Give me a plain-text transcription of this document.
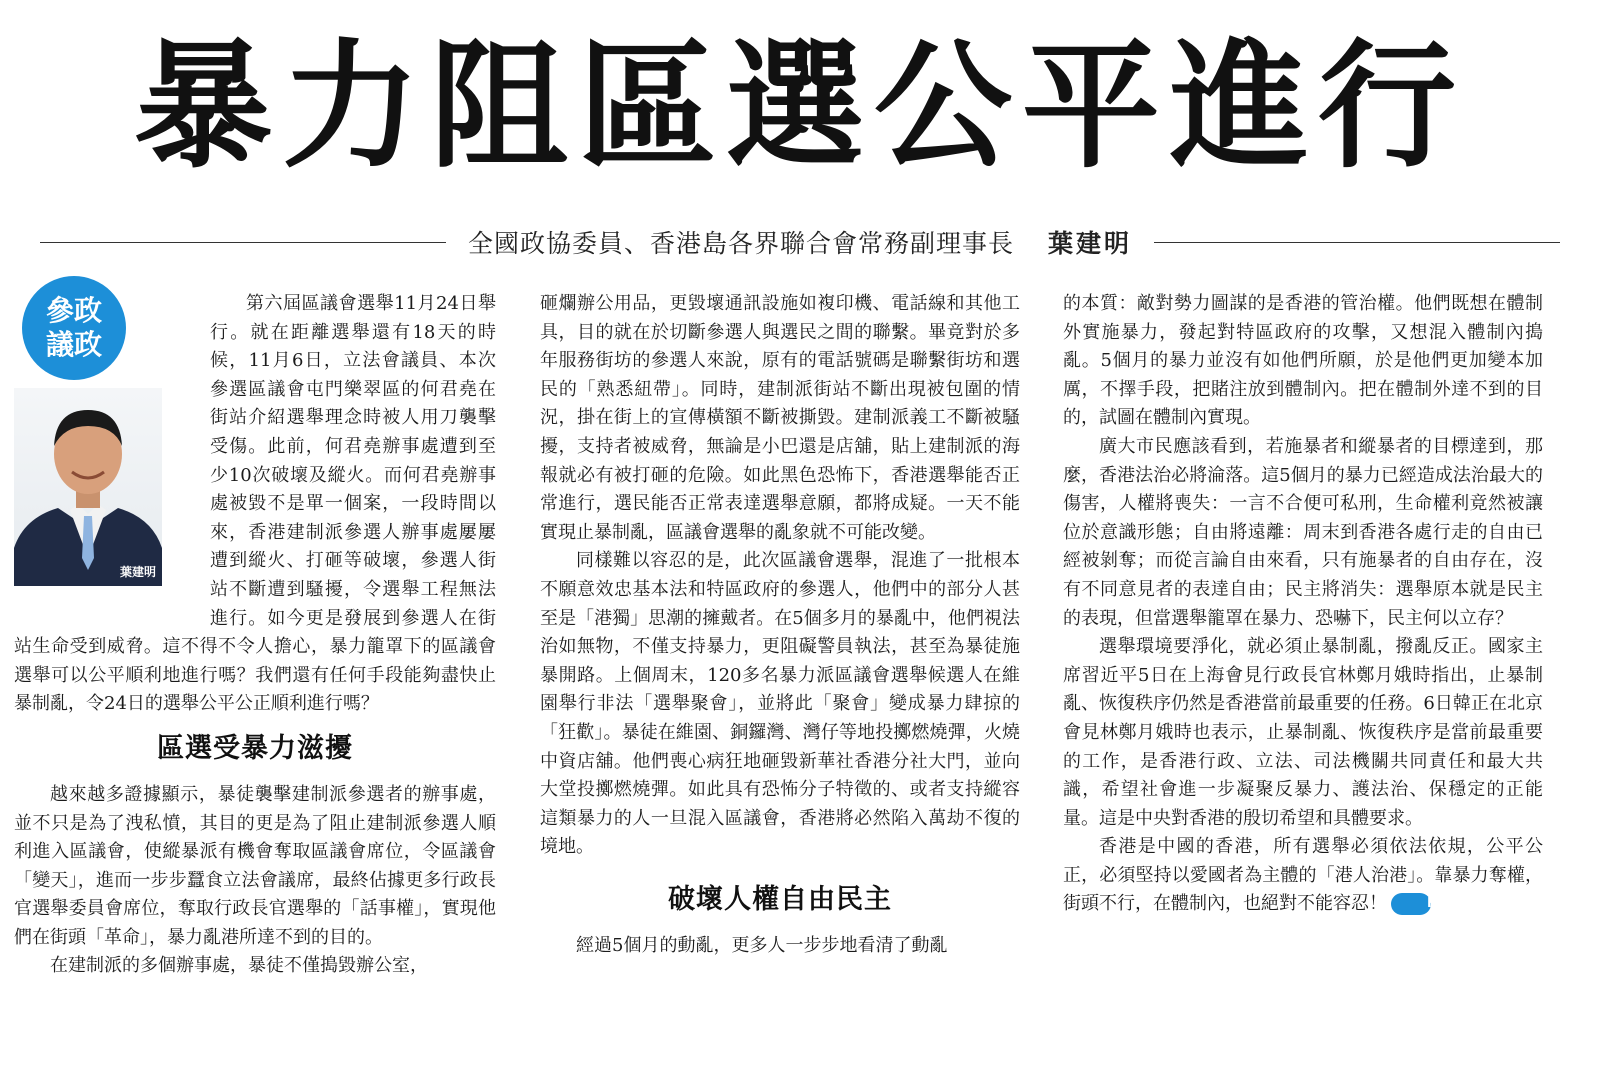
暴力阻區選公平進行
全國政協委員、香港島各界聯合會常務副理事長 葉建明
參政
議政
葉建明

第六屆區議會選舉11月24日舉行。就在距離選舉還有18天的時候，11月6日，立法會議員、本次參選區議會屯門樂翠區的何君堯在街站介紹選舉理念時被人用刀襲擊受傷。此前，何君堯辦事處遭到至少10次破壞及縱火。而何君堯辦事處被毀不是單一個案，一段時間以來，香港建制派參選人辦事處屢屢遭到縱火、打砸等破壞，參選人街站不斷遭到騷擾，令選舉工程無法進行。如今更是發展到參選人在街站生命受到威脅。這不得不令人擔心，暴力籠罩下的區議會選舉可以公平順利地進行嗎？我們還有任何手段能夠盡快止暴制亂，令24日的選舉公平公正順利進行嗎？

區選受暴力滋擾

越來越多證據顯示，暴徒襲擊建制派參選者的辦事處，並不只是為了洩私憤，其目的更是為了阻止建制派參選人順利進入區議會，使縱暴派有機會奪取區議會席位，令區議會「變天」，進而一步步蠶食立法會議席，最終佔據更多行政長官選舉委員會席位，奪取行政長官選舉的「話事權」，實現他們在街頭「革命」，暴力亂港所達不到的目的。

在建制派的多個辦事處，暴徒不僅搗毀辦公室，

砸爛辦公用品，更毀壞通訊設施如複印機、電話線和其他工具，目的就在於切斷參選人與選民之間的聯繫。畢竟對於多年服務街坊的參選人來說，原有的電話號碼是聯繫街坊和選民的「熟悉紐帶」。同時，建制派街站不斷出現被包圍的情況，掛在街上的宣傳橫額不斷被撕毀。建制派義工不斷被騷擾，支持者被威脅，無論是小巴還是店舖，貼上建制派的海報就必有被打砸的危險。如此黑色恐怖下，香港選舉能否正常進行，選民能否正常表達選舉意願，都將成疑。一天不能實現止暴制亂，區議會選舉的亂象就不可能改變。

同樣難以容忍的是，此次區議會選舉，混進了一批根本不願意效忠基本法和特區政府的參選人，他們中的部分人甚至是「港獨」思潮的擁戴者。在5個多月的暴亂中，他們視法治如無物，不僅支持暴力，更阻礙警員執法，甚至為暴徒施暴開路。上個周末，120多名暴力派區議會選舉候選人在維園舉行非法「選舉聚會」，並將此「聚會」變成暴力肆掠的「狂歡」。暴徒在維園、銅鑼灣、灣仔等地投擲燃燒彈，火燒中資店舖。他們喪心病狂地砸毀新華社香港分社大門，並向大堂投擲燃燒彈。如此具有恐怖分子特徵的、或者支持縱容這類暴力的人一旦混入區議會，香港將必然陷入萬劫不復的境地。

破壞人權自由民主

經過5個月的動亂，更多人一步步地看清了動亂

的本質：敵對勢力圖謀的是香港的管治權。他們既想在體制外實施暴力，發起對特區政府的攻擊，又想混入體制內搗亂。5個月的暴力並沒有如他們所願，於是他們更加變本加厲，不擇手段，把賭注放到體制內。把在體制外達不到的目的，試圖在體制內實現。

廣大市民應該看到，若施暴者和縱暴者的目標達到，那麼，香港法治必將淪落。這5個月的暴力已經造成法治最大的傷害，人權將喪失：一言不合便可私刑，生命權利竟然被讓位於意識形態；自由將遠離：周末到香港各處行走的自由已經被剝奪；而從言論自由來看，只有施暴者的自由存在，沒有不同意見者的表達自由；民主將消失：選舉原本就是民主的表現，但當選舉籠罩在暴力、恐嚇下，民主何以立存？

選舉環境要淨化，就必須止暴制亂，撥亂反正。國家主席習近平5日在上海會見行政長官林鄭月娥時指出，止暴制亂、恢復秩序仍然是香港當前最重要的任務。6日韓正在北京會見林鄭月娥時也表示，止暴制亂、恢復秩序是當前最重要的工作，是香港行政、立法、司法機關共同責任和最大共識，希望社會進一步凝聚反暴力、護法治、保穩定的正能量。這是中央對香港的殷切希望和具體要求。

香港是中國的香港，所有選舉必須依法依規，公平公正，必須堅持以愛國者為主體的「港人治港」。靠暴力奪權，街頭不行，在體制內，也絕對不能容忍！	HK
